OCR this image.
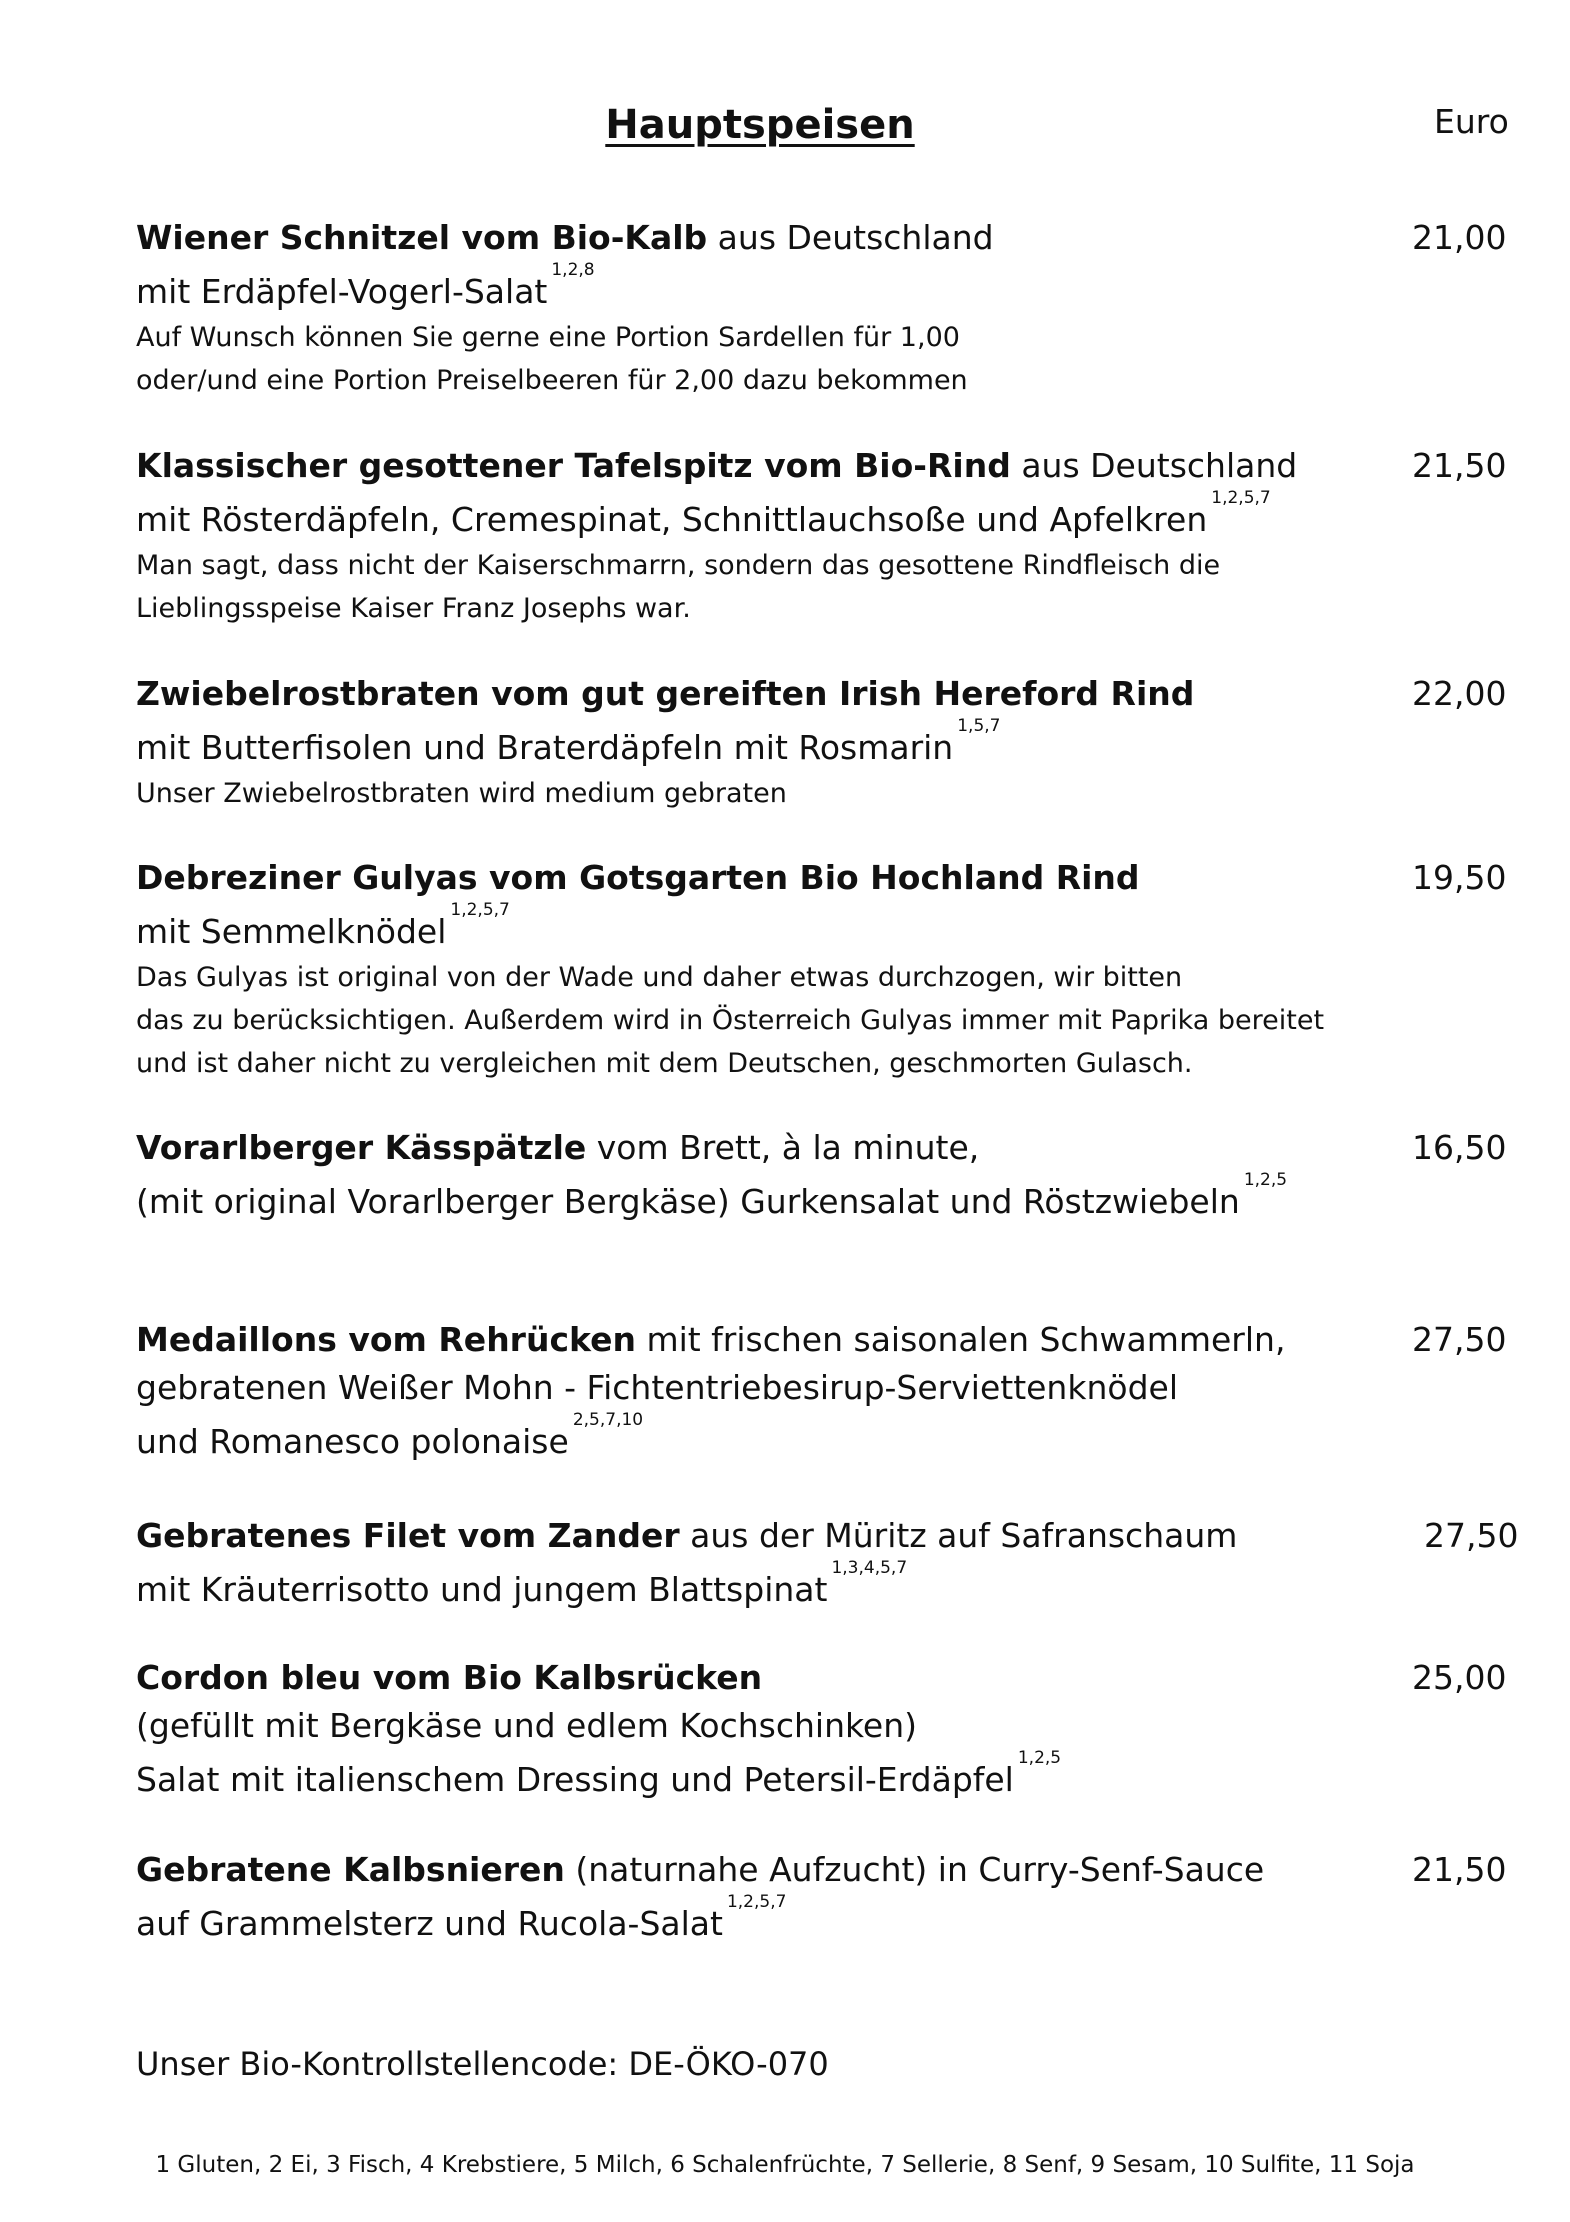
Hauptspeisen	Euro
Wiener Schnitzel vom Bio-Kalb aus Deutschland
mit Erdäpfel-Vogerl-Salat$^{1,2,8}$
Auf Wunsch können Sie gerne eine Portion Sardellen für 1,00
oder/und eine Portion Preiselbeeren für 2,00 dazu bekommen
21,00
Klassischer gesottener Tafelspitz vom Bio-Rind aus Deutschland
mit Rösterdäpfeln, Cremespinat, Schnittlauchsoße und Apfelkren$^{1,2,5,7}$
Man sagt, dass nicht der Kaiserschmarrn, sondern das gesottene Rindfleisch die
Lieblingsspeise Kaiser Franz Josephs war.
21,50
Zwiebelrostbraten vom gut gereiften Irish Hereford Rind
mit Butterfisolen und Braterdäpfeln mit Rosmarin$^{1,5,7}$
Unser Zwiebelrostbraten wird medium gebraten
22,00
Debreziner Gulyas vom Gotsgarten Bio Hochland Rind
mit Semmelknödel$^{1,2,5,7}$
Das Gulyas ist original von der Wade und daher etwas durchzogen, wir bitten
das zu berücksichtigen. Außerdem wird in Österreich Gulyas immer mit Paprika bereitet
und ist daher nicht zu vergleichen mit dem Deutschen, geschmorten Gulasch.
19,50
Vorarlberger Kässpätzle vom Brett, à la minute,
(mit original Vorarlberger Bergkäse) Gurkensalat und Röstzwiebeln$^{1,2,5}$
16,50
Medaillons vom Rehrücken mit frischen saisonalen Schwammerln,
gebratenen Weißer Mohn - Fichtentriebesirup-Serviettenknödel
und Romanesco polonaise$^{2,5,7,10}$
27,50
Gebratenes Filet vom Zander aus der Müritz auf Safranschaum
mit Kräuterrisotto und jungem Blattspinat$^{1,3,4,5,7}$
27,50
Cordon bleu vom Bio Kalbsrücken
(gefüllt mit Bergkäse und edlem Kochschinken)
Salat mit italienschem Dressing und Petersil-Erdäpfel$^{1,2,5}$
25,00
Gebratene Kalbsnieren (naturnahe Aufzucht) in Curry-Senf-Sauce
auf Grammelsterz und Rucola-Salat$^{1,2,5,7}$
21,50
Unser Bio-Kontrollstellencode: DE-ÖKO-070
1 Gluten, 2 Ei, 3 Fisch, 4 Krebstiere, 5 Milch, 6 Schalenfrüchte, 7 Sellerie, 8 Senf, 9 Sesam, 10 Sulfite, 11 Soja
